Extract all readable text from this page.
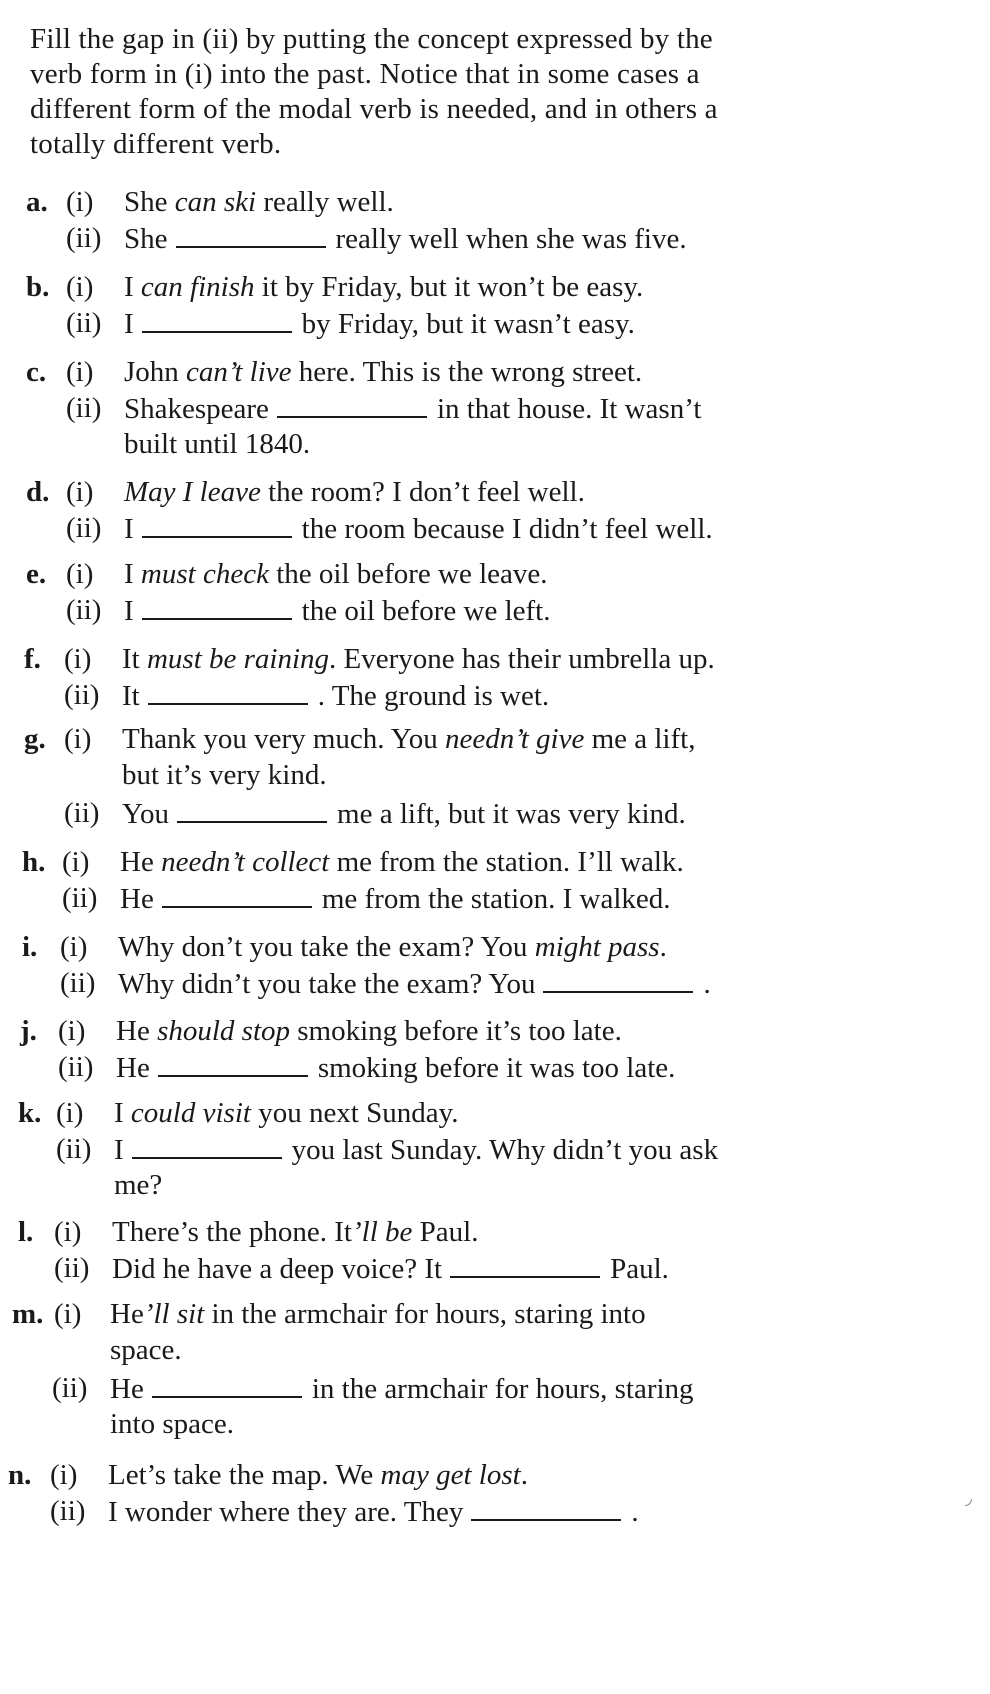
Fill the gap in (ii) by putting the concept expressed by the
verb form in (i) into the past. Notice that in some cases a
different form of the modal verb is needed, and in others a
totally different verb.
a. (i) She can ski really well.
(ii) She	really well when she was five.
b. (i) I can finish it by Friday, but it won’t be easy.
(ii) I	by Friday, but it wasn’t easy.
c. (i) John can’t live here. This is the wrong street.
(ii) Shakespeare	in that house. It wasn’t
built until 1840.
d. (i) May I leave the room? I don’t feel well.
(ii) I	the room because I didn’t feel well.
e. (i) I must check the oil before we leave.
(ii) I	the oil before we left.
f. (i) It must be raining. Everyone has their umbrella up.
(ii) It	. The ground is wet.
g. (i) Thank you very much. You needn’t give me a lift,
but it’s very kind.
(ii) You	me a lift, but it was very kind.
h. (i) He needn’t collect me from the station. I’ll walk.
(ii) He	me from the station. I walked.
i. (i) Why don’t you take the exam? You might pass.
(ii) Why didn’t you take the exam? You	.
j. (i) He should stop smoking before it’s too late.
(ii) He	smoking before it was too late.
k. (i) I could visit you next Sunday.
(ii) I	you last Sunday. Why didn’t you ask
me?
l. (i) There’s the phone. It’ll be Paul.
(ii) Did he have a deep voice? It	Paul.
m. (i) He’ll sit in the armchair for hours, staring into
space.
(ii) He	in the armchair for hours, staring
into space.
n. (i) Let’s take the map. We may get lost.
(ii) I wonder where they are. They	.	◞
